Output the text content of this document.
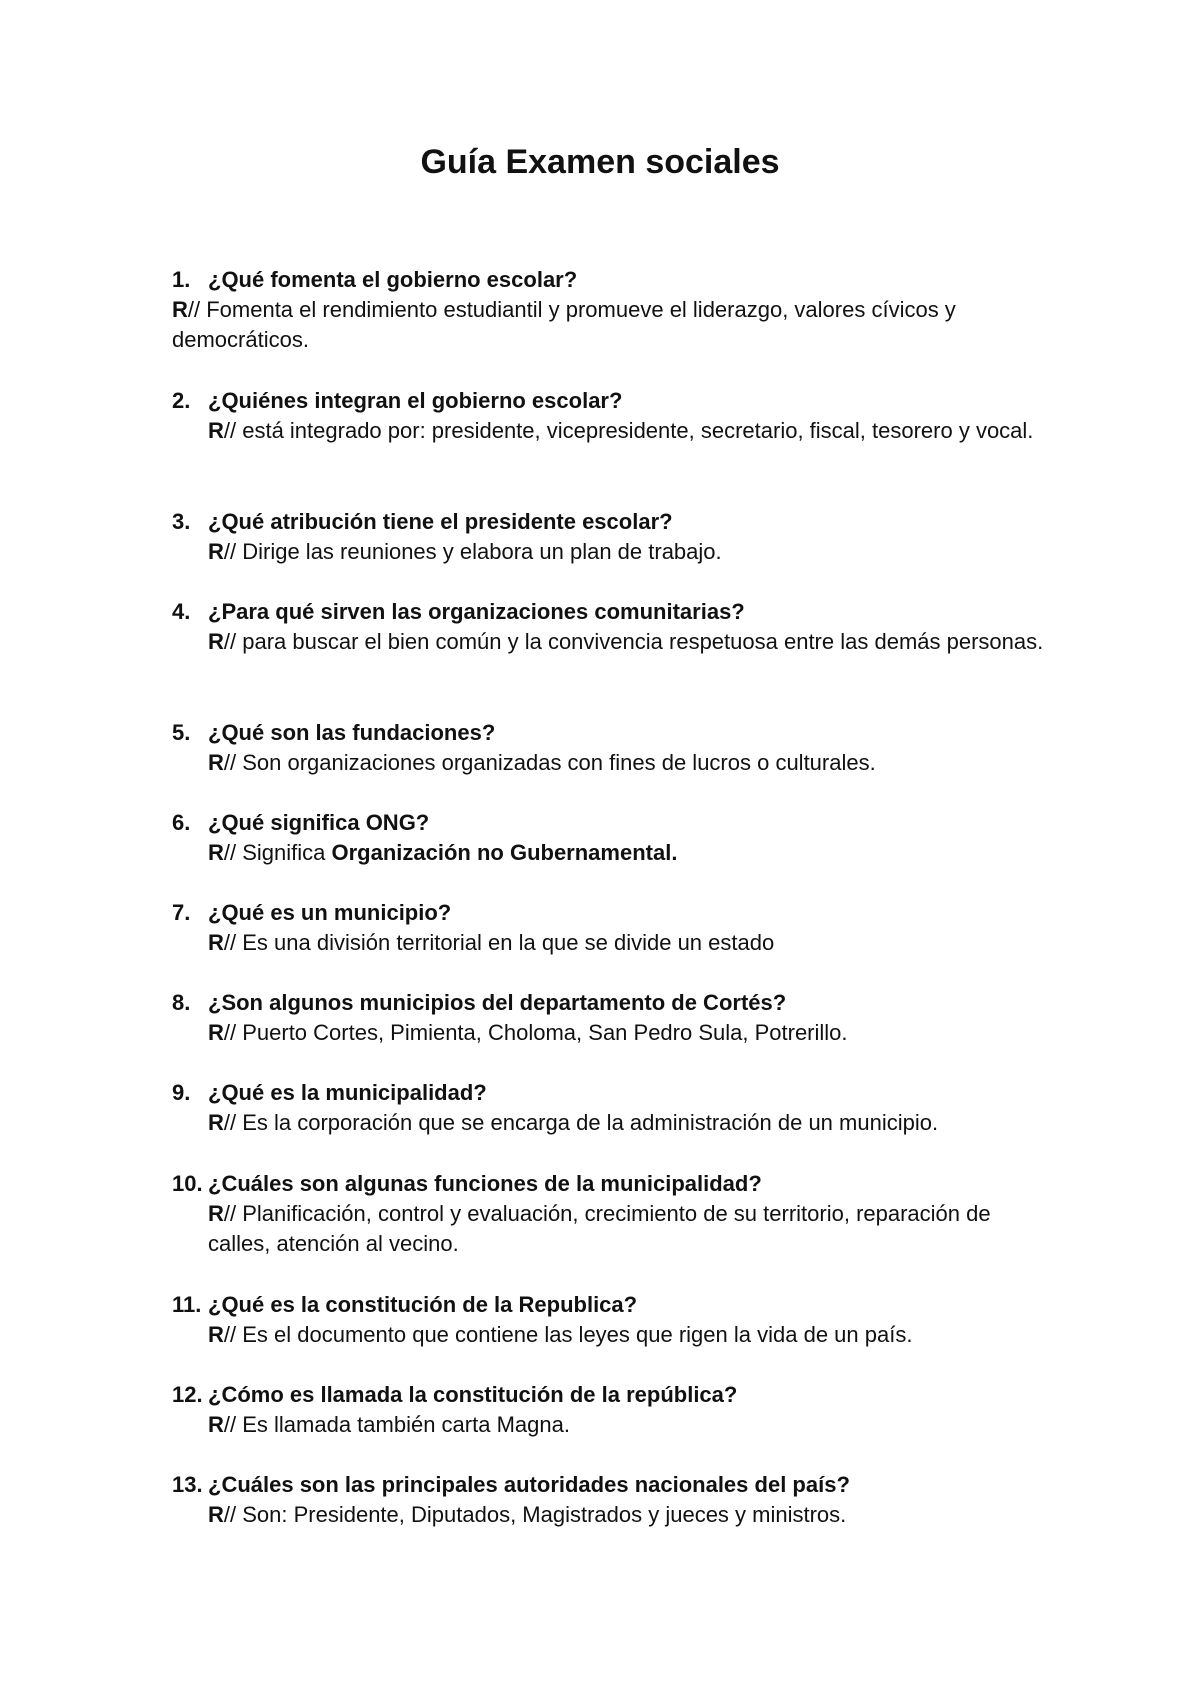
Guía Examen sociales
1. ¿Qué fomenta el gobierno escolar?
R// Fomenta el rendimiento estudiantil y promueve el liderazgo, valores cívicos y democráticos.
2. ¿Quiénes integran el gobierno escolar?
R// está integrado por: presidente, vicepresidente, secretario, fiscal, tesorero y vocal.
3. ¿Qué atribución tiene el presidente escolar?
R// Dirige las reuniones y elabora un plan de trabajo.
4. ¿Para qué sirven las organizaciones comunitarias?
R// para buscar el bien común y la convivencia respetuosa entre las demás personas.
5. ¿Qué son las fundaciones?
R// Son organizaciones organizadas con fines de lucros o culturales.
6. ¿Qué significa ONG?
R// Significa Organización no Gubernamental.
7. ¿Qué es un municipio?
R// Es una división territorial en la que se divide un estado
8. ¿Son algunos municipios del departamento de Cortés?
R// Puerto Cortes, Pimienta, Choloma, San Pedro Sula, Potrerillo.
9. ¿Qué es la municipalidad?
R// Es la corporación que se encarga de la administración de un municipio.
10. ¿Cuáles son algunas funciones de la municipalidad?
R// Planificación, control y evaluación, crecimiento de su territorio, reparación de calles, atención al vecino.
11. ¿Qué es la constitución de la Republica?
R// Es el documento que contiene las leyes que rigen la vida de un país.
12. ¿Cómo es llamada la constitución de la república?
R// Es llamada también carta Magna.
13. ¿Cuáles son las principales autoridades nacionales del país?
R// Son: Presidente, Diputados, Magistrados y jueces y ministros.
